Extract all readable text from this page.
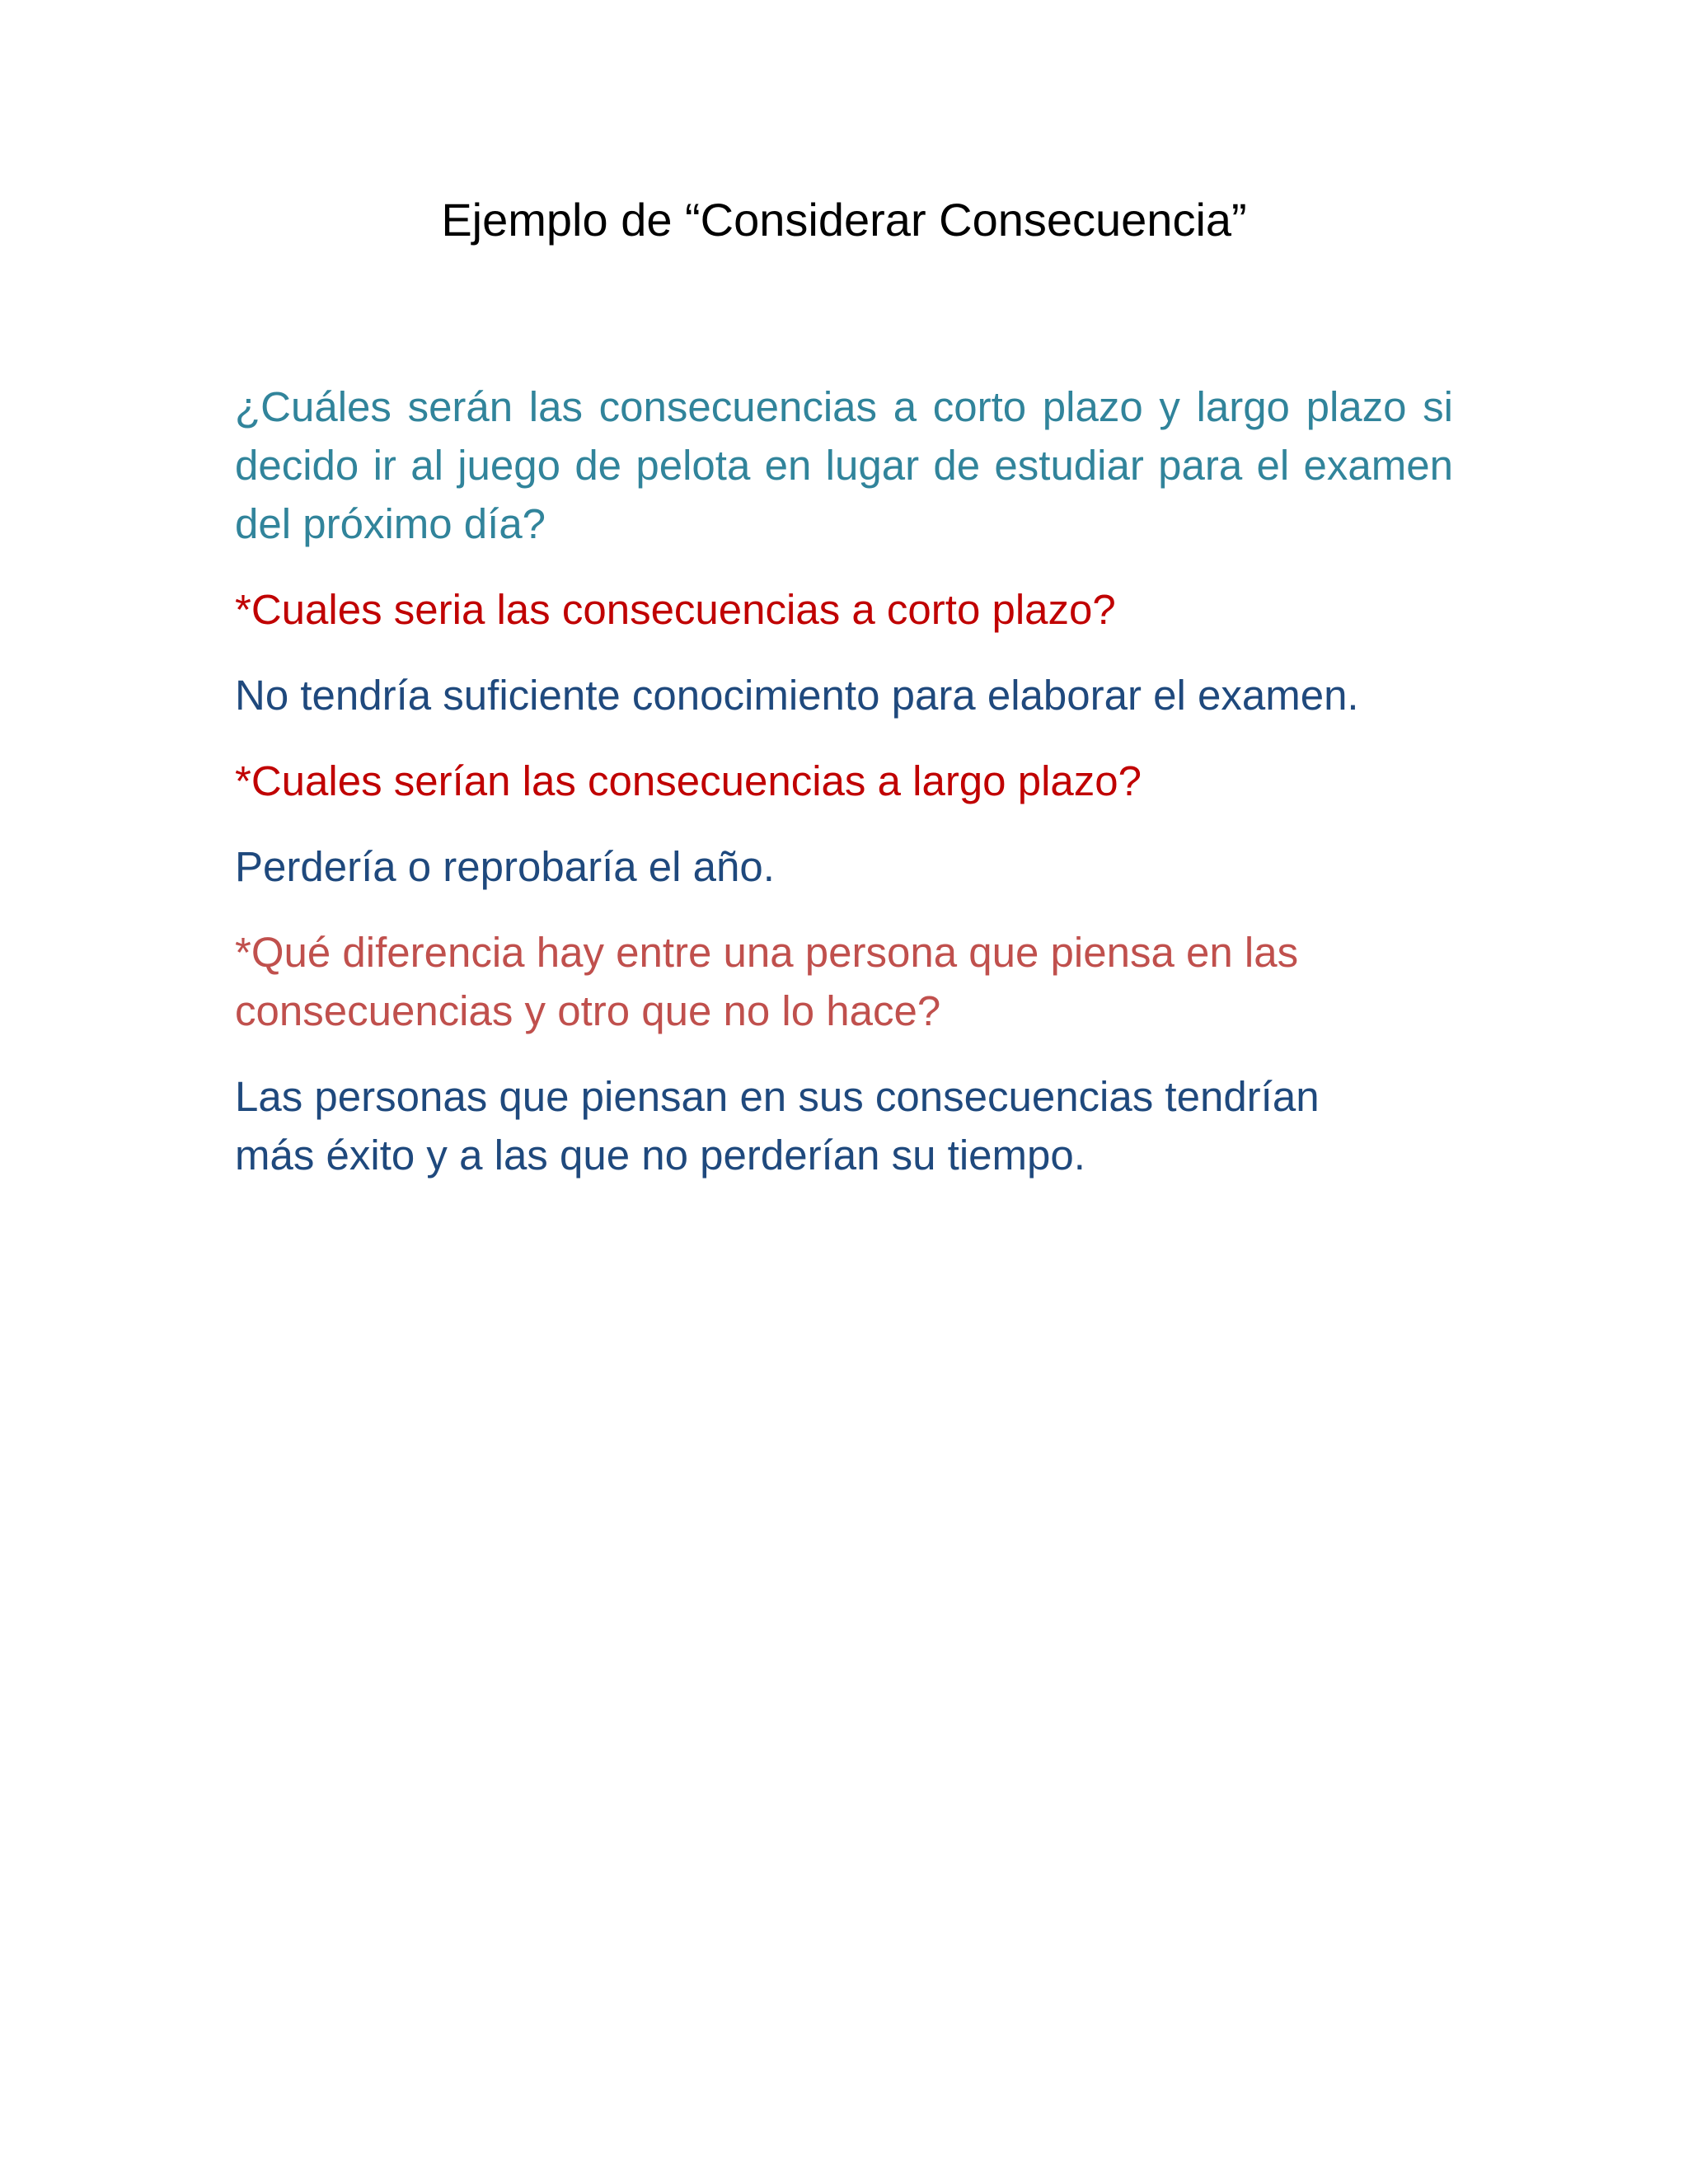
Ejemplo de “Considerar Consecuencia”

¿Cuáles serán las consecuencias a corto plazo y largo plazo si decido ir al juego de pelota en lugar de estudiar para el examen del próximo día?

*Cuales seria las consecuencias a corto plazo?

No tendría suficiente conocimiento para elaborar el examen.

*Cuales serían las consecuencias a largo plazo?

Perdería o reprobaría el año.

*Qué diferencia hay entre una persona que piensa en las
consecuencias y otro que no lo hace?

Las personas que piensan en sus consecuencias tendrían
más éxito y a las que no perderían su tiempo.
